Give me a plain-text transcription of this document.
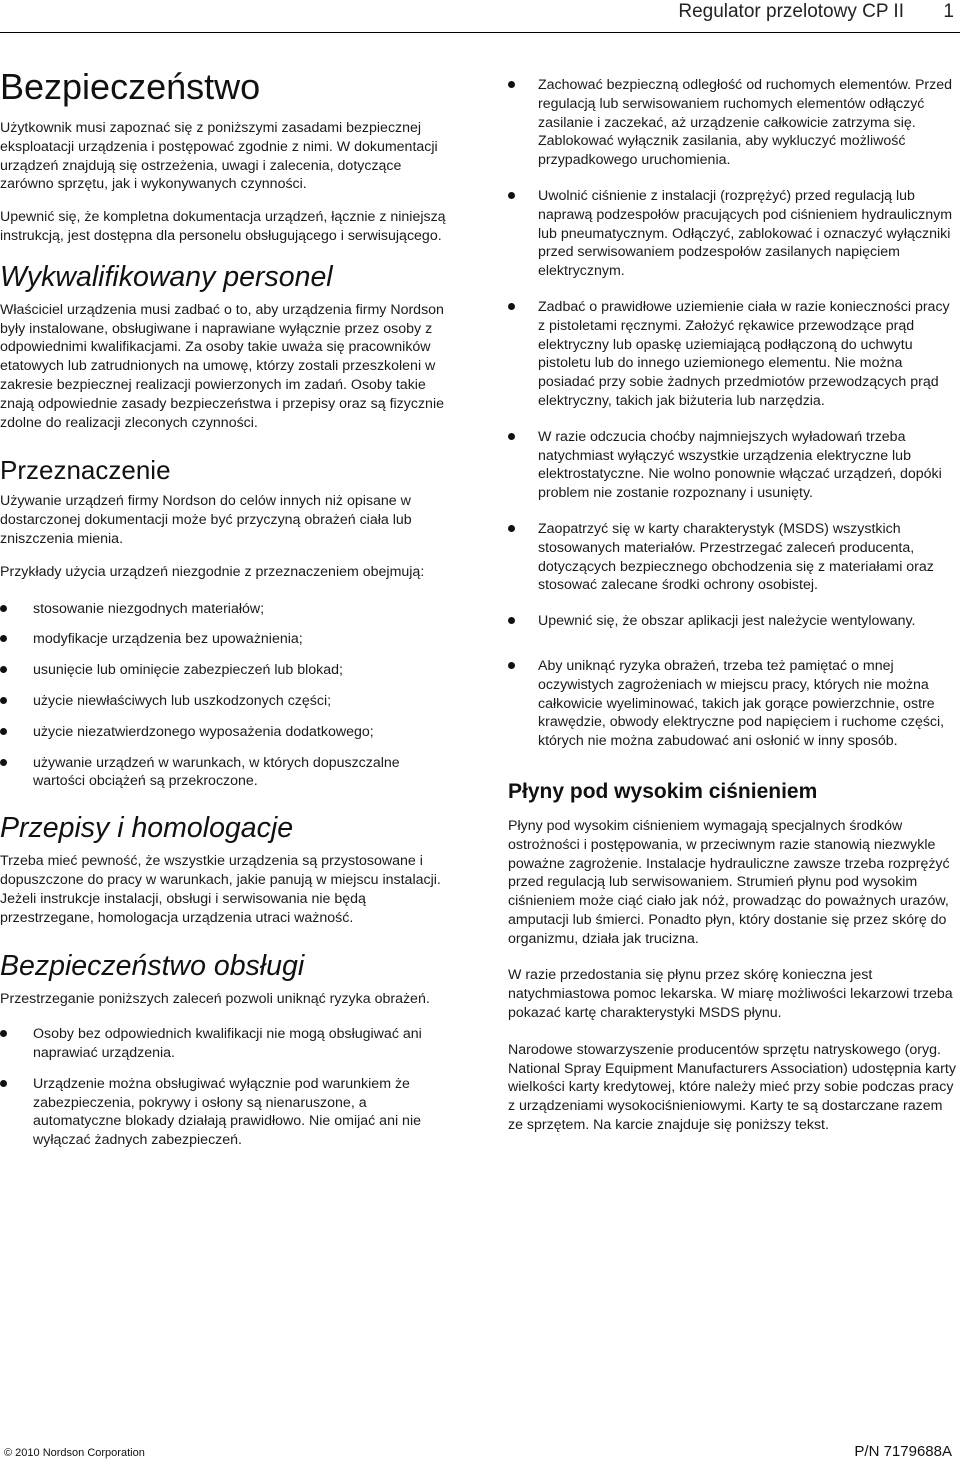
Regulator przelotowy CP II 1
Bezpieczeństwo

Użytkownik musi zapoznać się z poniższymi zasadami bezpiecznej eksploatacji urządzenia i postępować zgodnie z nimi. W dokumentacji urządzeń znajdują się ostrzeżenia, uwagi i zalecenia, dotyczące zarówno sprzętu, jak i wykonywanych czynności.

Upewnić się, że kompletna dokumentacja urządzeń, łącznie z niniejszą instrukcją, jest dostępna dla personelu obsługującego i serwisującego.

Wykwalifikowany personel

Właściciel urządzenia musi zadbać o to, aby urządzenia firmy Nordson były instalowane, obsługiwane i naprawiane wyłącznie przez osoby z odpowiednimi kwalifikacjami. Za osoby takie uważa się pracowników etatowych lub zatrudnionych na umowę, którzy zostali przeszkoleni w zakresie bezpiecznej realizacji powierzonych im zadań. Osoby takie znają odpowiednie zasady bezpieczeństwa i przepisy oraz są fizycznie zdolne do realizacji zleconych czynności.

Przeznaczenie

Używanie urządzeń firmy Nordson do celów innych niż opisane w dostarczonej dokumentacji może być przyczyną obrażeń ciała lub zniszczenia mienia.

Przykłady użycia urządzeń niezgodnie z przeznaczeniem obejmują:

stosowanie niezgodnych materiałów;
modyfikacje urządzenia bez upoważnienia;
usunięcie lub ominięcie zabezpieczeń lub blokad;
użycie niewłaściwych lub uszkodzonych części;
użycie niezatwierdzonego wyposażenia dodatkowego;
używanie urządzeń w warunkach, w których dopuszczalne wartości obciążeń są przekroczone.
Przepisy i homologacje

Trzeba mieć pewność, że wszystkie urządzenia są przystosowane i dopuszczone do pracy w warunkach, jakie panują w miejscu instalacji. Jeżeli instrukcje instalacji, obsługi i serwisowania nie będą przestrzegane, homologacja urządzenia utraci ważność.

Bezpieczeństwo obsługi

Przestrzeganie poniższych zaleceń pozwoli uniknąć ryzyka obrażeń.

Osoby bez odpowiednich kwalifikacji nie mogą obsługiwać ani naprawiać urządzenia.
Urządzenie można obsługiwać wyłącznie pod warunkiem że zabezpieczenia, pokrywy i osłony są nienaruszone, a automatyczne blokady działają prawidłowo. Nie omijać ani nie wyłączać żadnych zabezpieczeń.
Zachować bezpieczną odległość od ruchomych elementów. Przed regulacją lub serwisowaniem ruchomych elementów odłączyć zasilanie i zaczekać, aż urządzenie całkowicie zatrzyma się. Zablokować wyłącznik zasilania, aby wykluczyć możliwość przypadkowego uruchomienia.
Uwolnić ciśnienie z instalacji (rozprężyć) przed regulacją lub naprawą podzespołów pracujących pod ciśnieniem hydraulicznym lub pneumatycznym. Odłączyć, zablokować i oznaczyć wyłączniki przed serwisowaniem podzespołów zasilanych napięciem elektrycznym.
Zadbać o prawidłowe uziemienie ciała w razie konieczności pracy z pistoletami ręcznymi. Założyć rękawice przewodzące prąd elektryczny lub opaskę uziemiającą podłączoną do uchwytu pistoletu lub do innego uziemionego elementu. Nie można posiadać przy sobie żadnych przedmiotów przewodzących prąd elektryczny, takich jak biżuteria lub narzędzia.
W razie odczucia choćby najmniejszych wyładowań trzeba natychmiast wyłączyć wszystkie urządzenia elektryczne lub elektrostatyczne. Nie wolno ponownie włączać urządzeń, dopóki problem nie zostanie rozpoznany i usunięty.
Zaopatrzyć się w karty charakterystyk (MSDS) wszystkich stosowanych materiałów. Przestrzegać zaleceń producenta, dotyczących bezpiecznego obchodzenia się z materiałami oraz stosować zalecane środki ochrony osobistej.
Upewnić się, że obszar aplikacji jest należycie wentylowany.
Aby uniknąć ryzyka obrażeń, trzeba też pamiętać o mnej oczywistych zagrożeniach w miejscu pracy, których nie można całkowicie wyeliminować, takich jak gorące powierzchnie, ostre krawędzie, obwody elektryczne pod napięciem i ruchome części, których nie można zabudować ani osłonić w inny sposób.
Płyny pod wysokim ciśnieniem

Płyny pod wysokim ciśnieniem wymagają specjalnych środków ostrożności i postępowania, w przeciwnym razie stanowią niezwykle poważne zagrożenie. Instalacje hydrauliczne zawsze trzeba rozprężyć przed regulacją lub serwisowaniem. Strumień płynu pod wysokim ciśnieniem może ciąć ciało jak nóż, prowadząc do poważnych urazów, amputacji lub śmierci. Ponadto płyn, który dostanie się przez skórę do organizmu, działa jak trucizna.

W razie przedostania się płynu przez skórę konieczna jest natychmiastowa pomoc lekarska. W miarę możliwości lekarzowi trzeba pokazać kartę charakterystyki MSDS płynu.

Narodowe stowarzyszenie producentów sprzętu natryskowego (oryg. National Spray Equipment Manufacturers Association) udostępnia karty wielkości karty kredytowej, które należy mieć przy sobie podczas pracy z urządzeniami wysokociśnieniowymi. Karty te są dostarczane razem ze sprzętem. Na karcie znajduje się poniższy tekst.

© 2010 Nordson Corporation	P/N 7179688A
